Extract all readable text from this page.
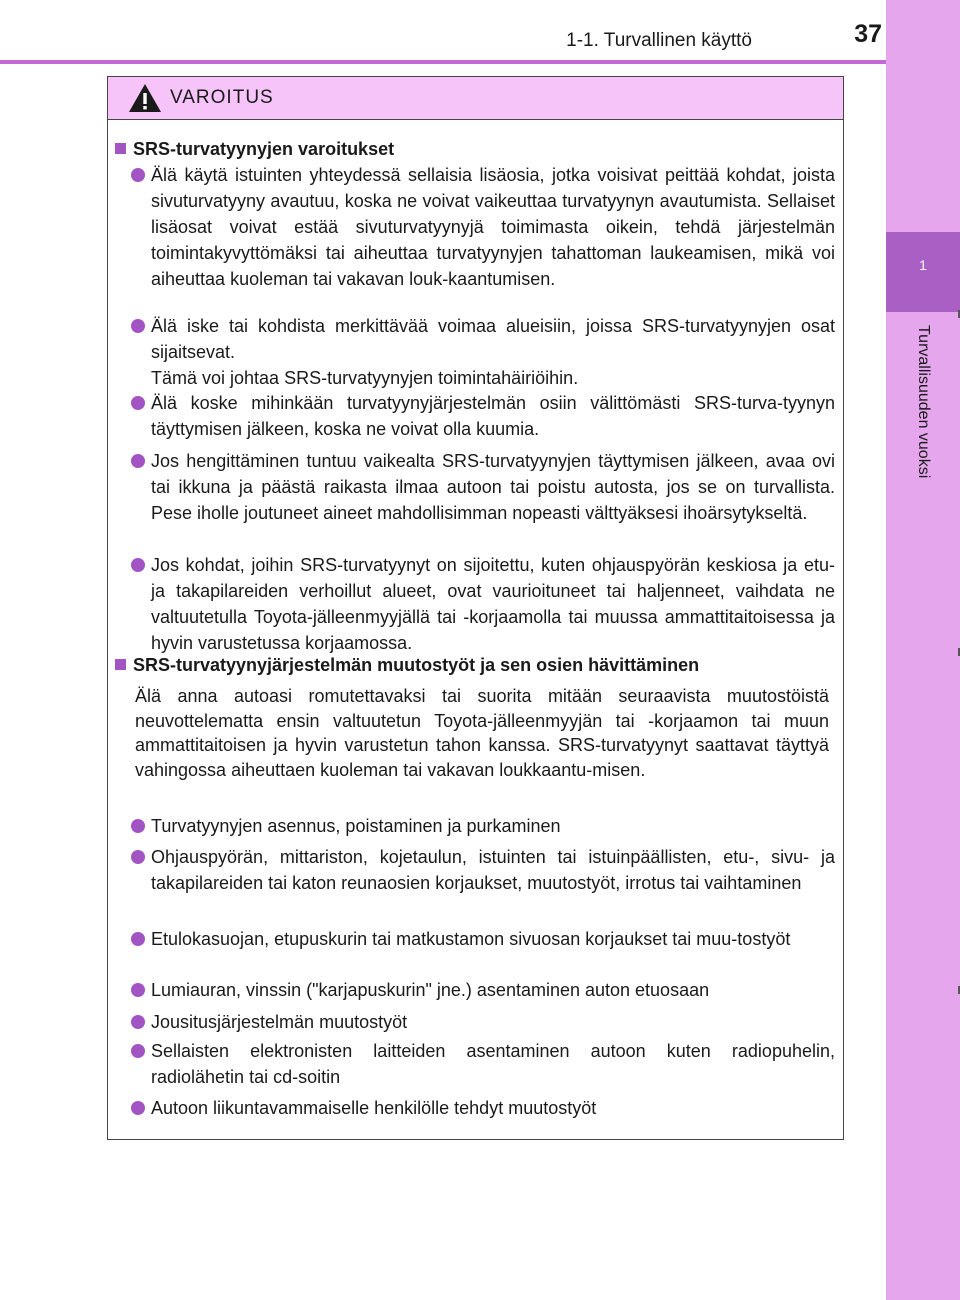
1
Turvallisuuden vuoksi
1-1. Turvallinen käyttö	37
VAROITUS
SRS-turvatyynyjen varoitukset
Älä käytä istuinten yhteydessä sellaisia lisäosia, jotka voisivat peittää kohdat, joista sivuturvatyyny avautuu, koska ne voivat vaikeuttaa turvatyynyn avautumista. Sellaiset lisäosat voivat estää sivuturvatyynyjä toimimasta oikein, tehdä järjestelmän toimintakyvyttömäksi tai aiheuttaa turvatyynyjen tahattoman laukeamisen, mikä voi aiheuttaa kuoleman tai vakavan louk-kaantumisen.
Älä iske tai kohdista merkittävää voimaa alueisiin, joissa SRS-turvatyynyjen osat sijaitsevat.
Tämä voi johtaa SRS-turvatyynyjen toimintahäiriöihin.
Älä koske mihinkään turvatyynyjärjestelmän osiin välittömästi SRS-turva-tyynyn täyttymisen jälkeen, koska ne voivat olla kuumia.
Jos hengittäminen tuntuu vaikealta SRS-turvatyynyjen täyttymisen jälkeen, avaa ovi tai ikkuna ja päästä raikasta ilmaa autoon tai poistu autosta, jos se on turvallista. Pese iholle joutuneet aineet mahdollisimman nopeasti välttyäksesi ihoärsytykseltä.
Jos kohdat, joihin SRS-turvatyynyt on sijoitettu, kuten ohjauspyörän keskiosa ja etu- ja takapilareiden verhoillut alueet, ovat vaurioituneet tai haljenneet, vaihdata ne valtuutetulla Toyota-jälleenmyyjällä tai -korjaamolla tai muussa ammattitaitoisessa ja hyvin varustetussa korjaamossa.
SRS-turvatyynyjärjestelmän muutostyöt ja sen osien hävittäminen
Älä anna autoasi romutettavaksi tai suorita mitään seuraavista muutostöistä neuvottelematta ensin valtuutetun Toyota-jälleenmyyjän tai -korjaamon tai muun ammattitaitoisen ja hyvin varustetun tahon kanssa. SRS-turvatyynyt saattavat täyttyä vahingossa aiheuttaen kuoleman tai vakavan loukkaantu-misen.
Turvatyynyjen asennus, poistaminen ja purkaminen
Ohjauspyörän, mittariston, kojetaulun, istuinten tai istuinpäällisten, etu-, sivu- ja takapilareiden tai katon reunaosien korjaukset, muutostyöt, irrotus tai vaihtaminen
Etulokasuojan, etupuskurin tai matkustamon sivuosan korjaukset tai muu-tostyöt
Lumiauran, vinssin ("karjapuskurin" jne.) asentaminen auton etuosaan
Jousitusjärjestelmän muutostyöt
Sellaisten elektronisten laitteiden asentaminen autoon kuten radiopuhelin, radiolähetin tai cd-soitin
Autoon liikuntavammaiselle henkilölle tehdyt muutostyöt
